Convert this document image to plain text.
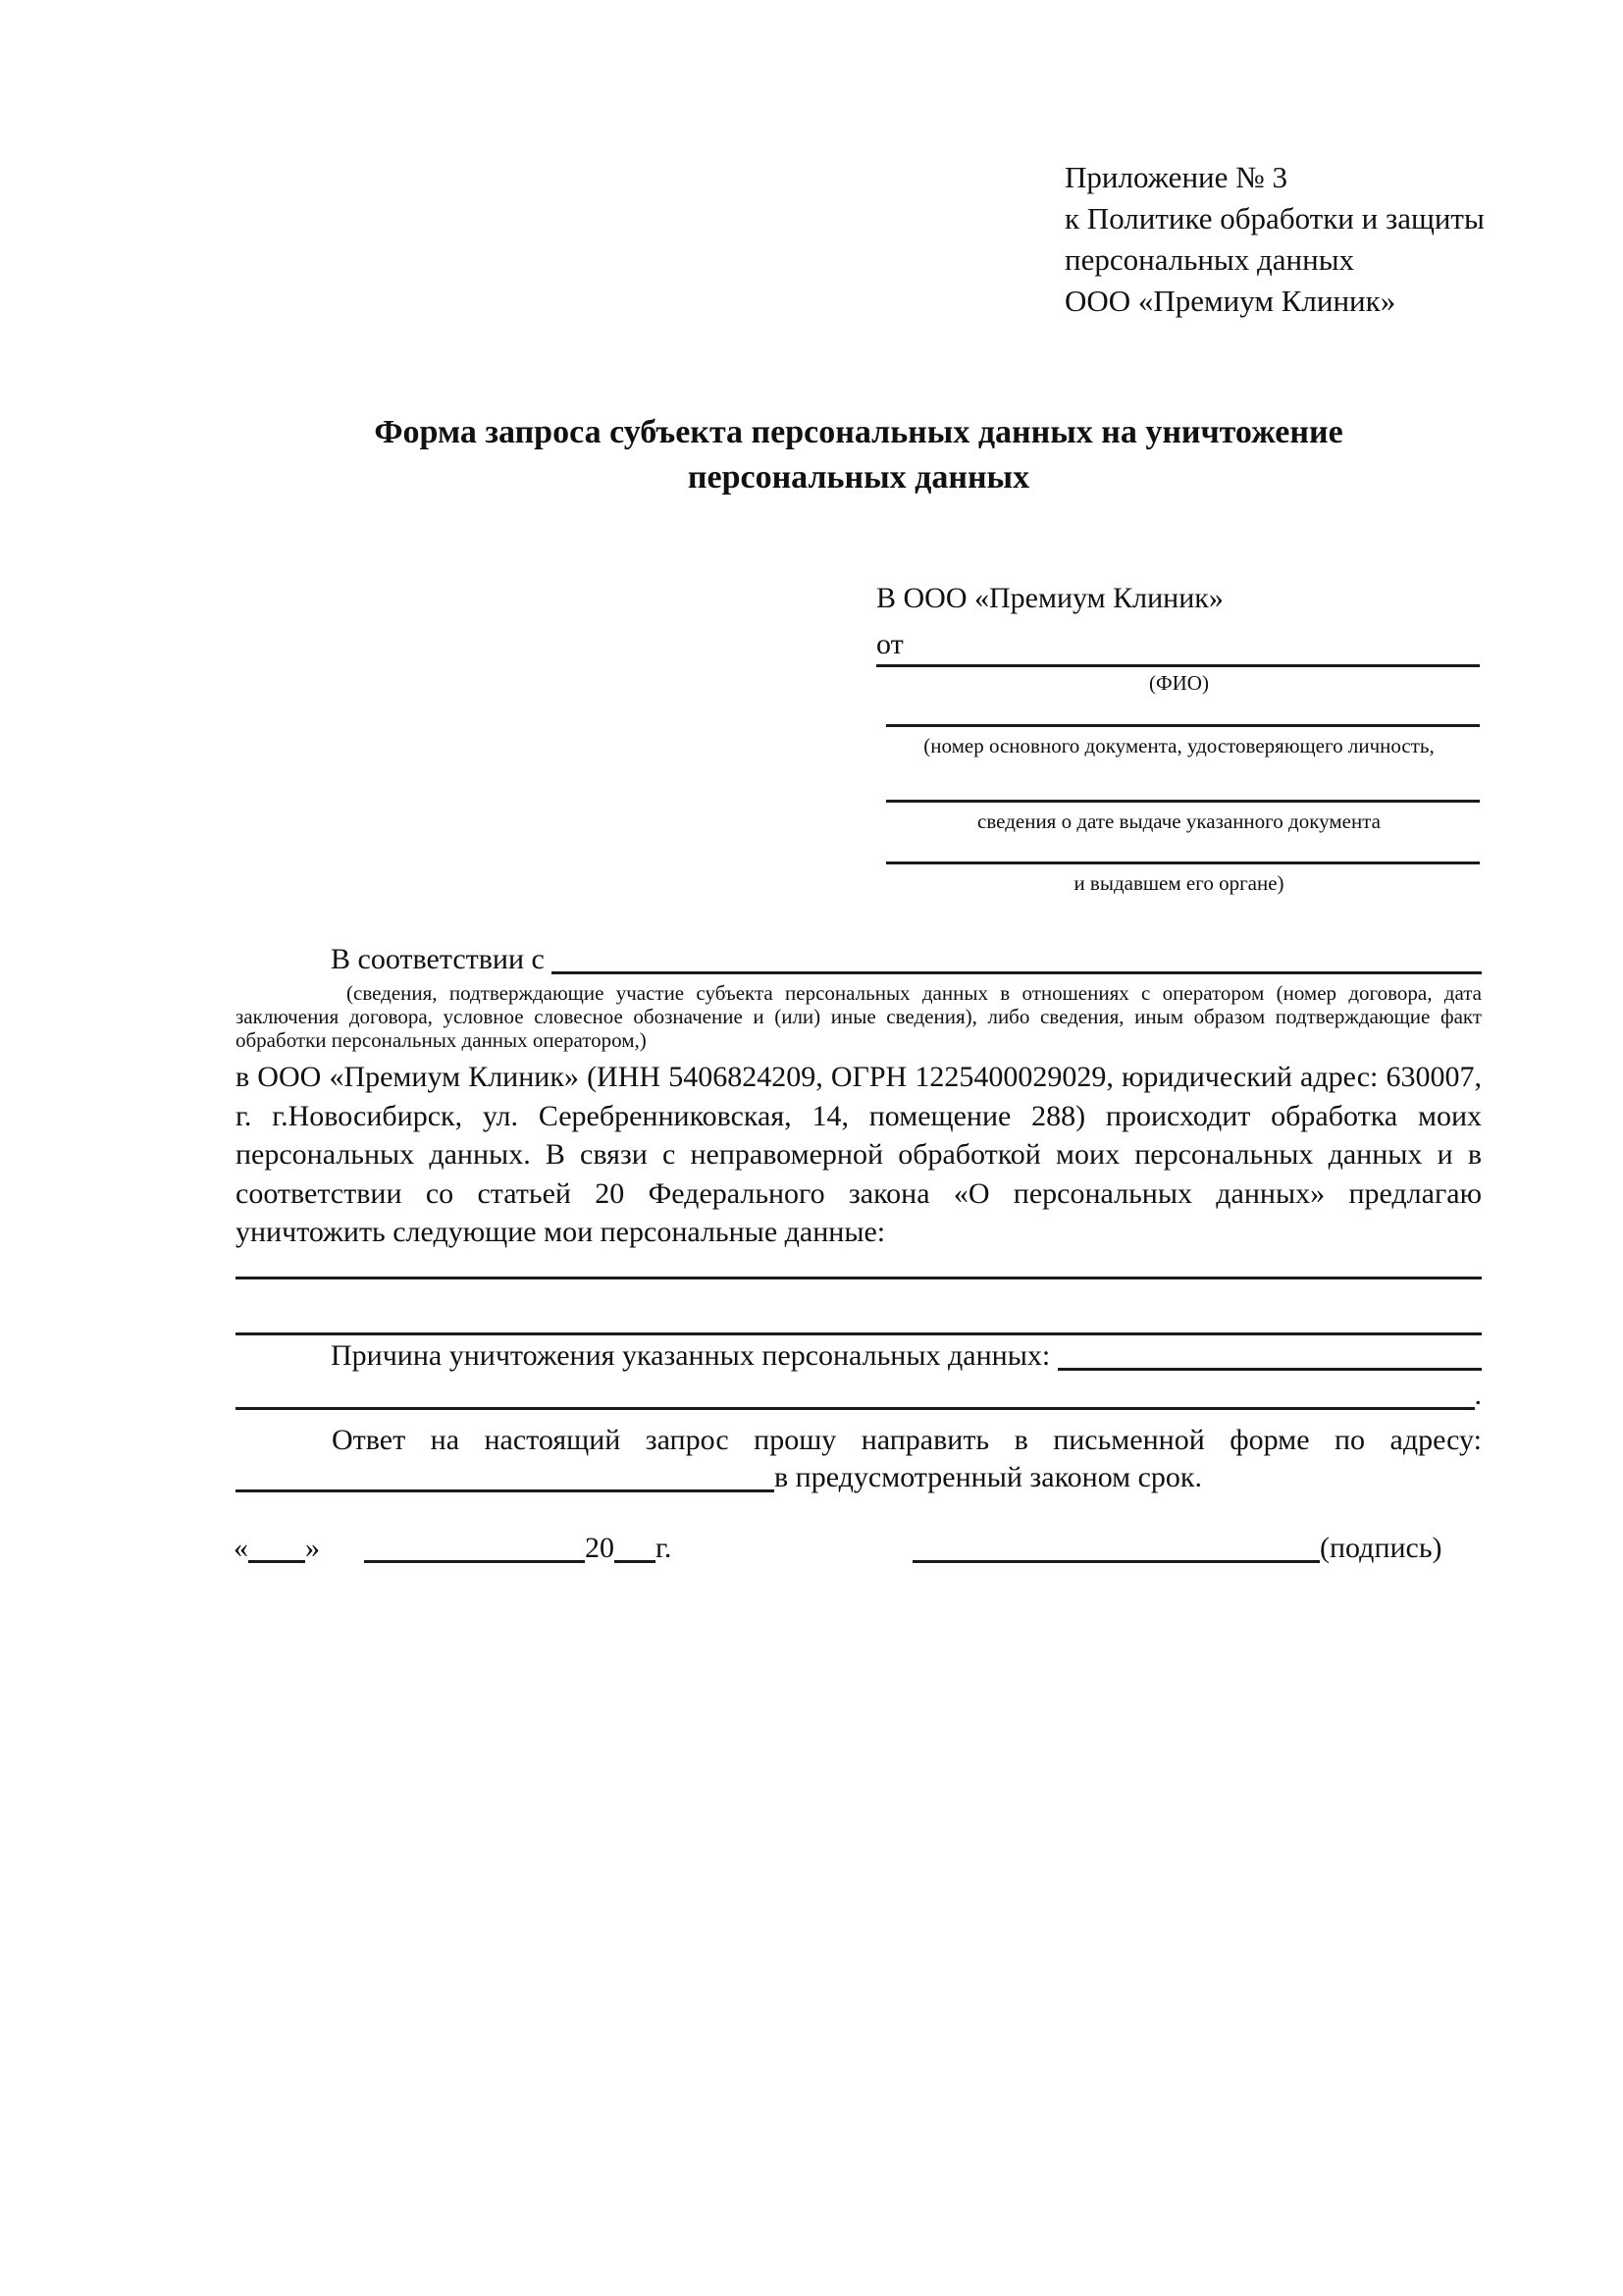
Приложение № 3
к Политике обработки и защиты
персональных данных
ООО «Премиум Клиник»
Форма запроса субъекта персональных данных на уничтожение персональных данных
В ООО «Премиум Клиник»
от
(ФИО)
(номер основного документа, удостоверяющего личность,
сведения о дате выдаче указанного документа
и выдавшем его органе)
В соответствии с

(сведения, подтверждающие участие субъекта персональных данных в отношениях с оператором (номер договора, дата заключения договора, условное словесное обозначение и (или) иные сведения), либо сведения, иным образом подтверждающие факт обработки персональных данных оператором,)
в ООО «Премиум Клиник» (ИНН 5406824209, ОГРН 1225400029029, юридический адрес: 630007, г. г.Новосибирск, ул. Серебренниковская, 14, помещение 288) происходит обработка моих персональных данных. В связи с неправомерной обработкой моих персональных данных и в соответствии со статьей 20 Федерального закона «О персональных данных» предлагаю уничтожить следующие мои персональные данные:
Причина уничтожения указанных персональных данных:

.
Ответ на настоящий запрос прошу направить в письменной форме по адресу:
в предусмотренный законом срок.
« »	20 г.	(подпись)
